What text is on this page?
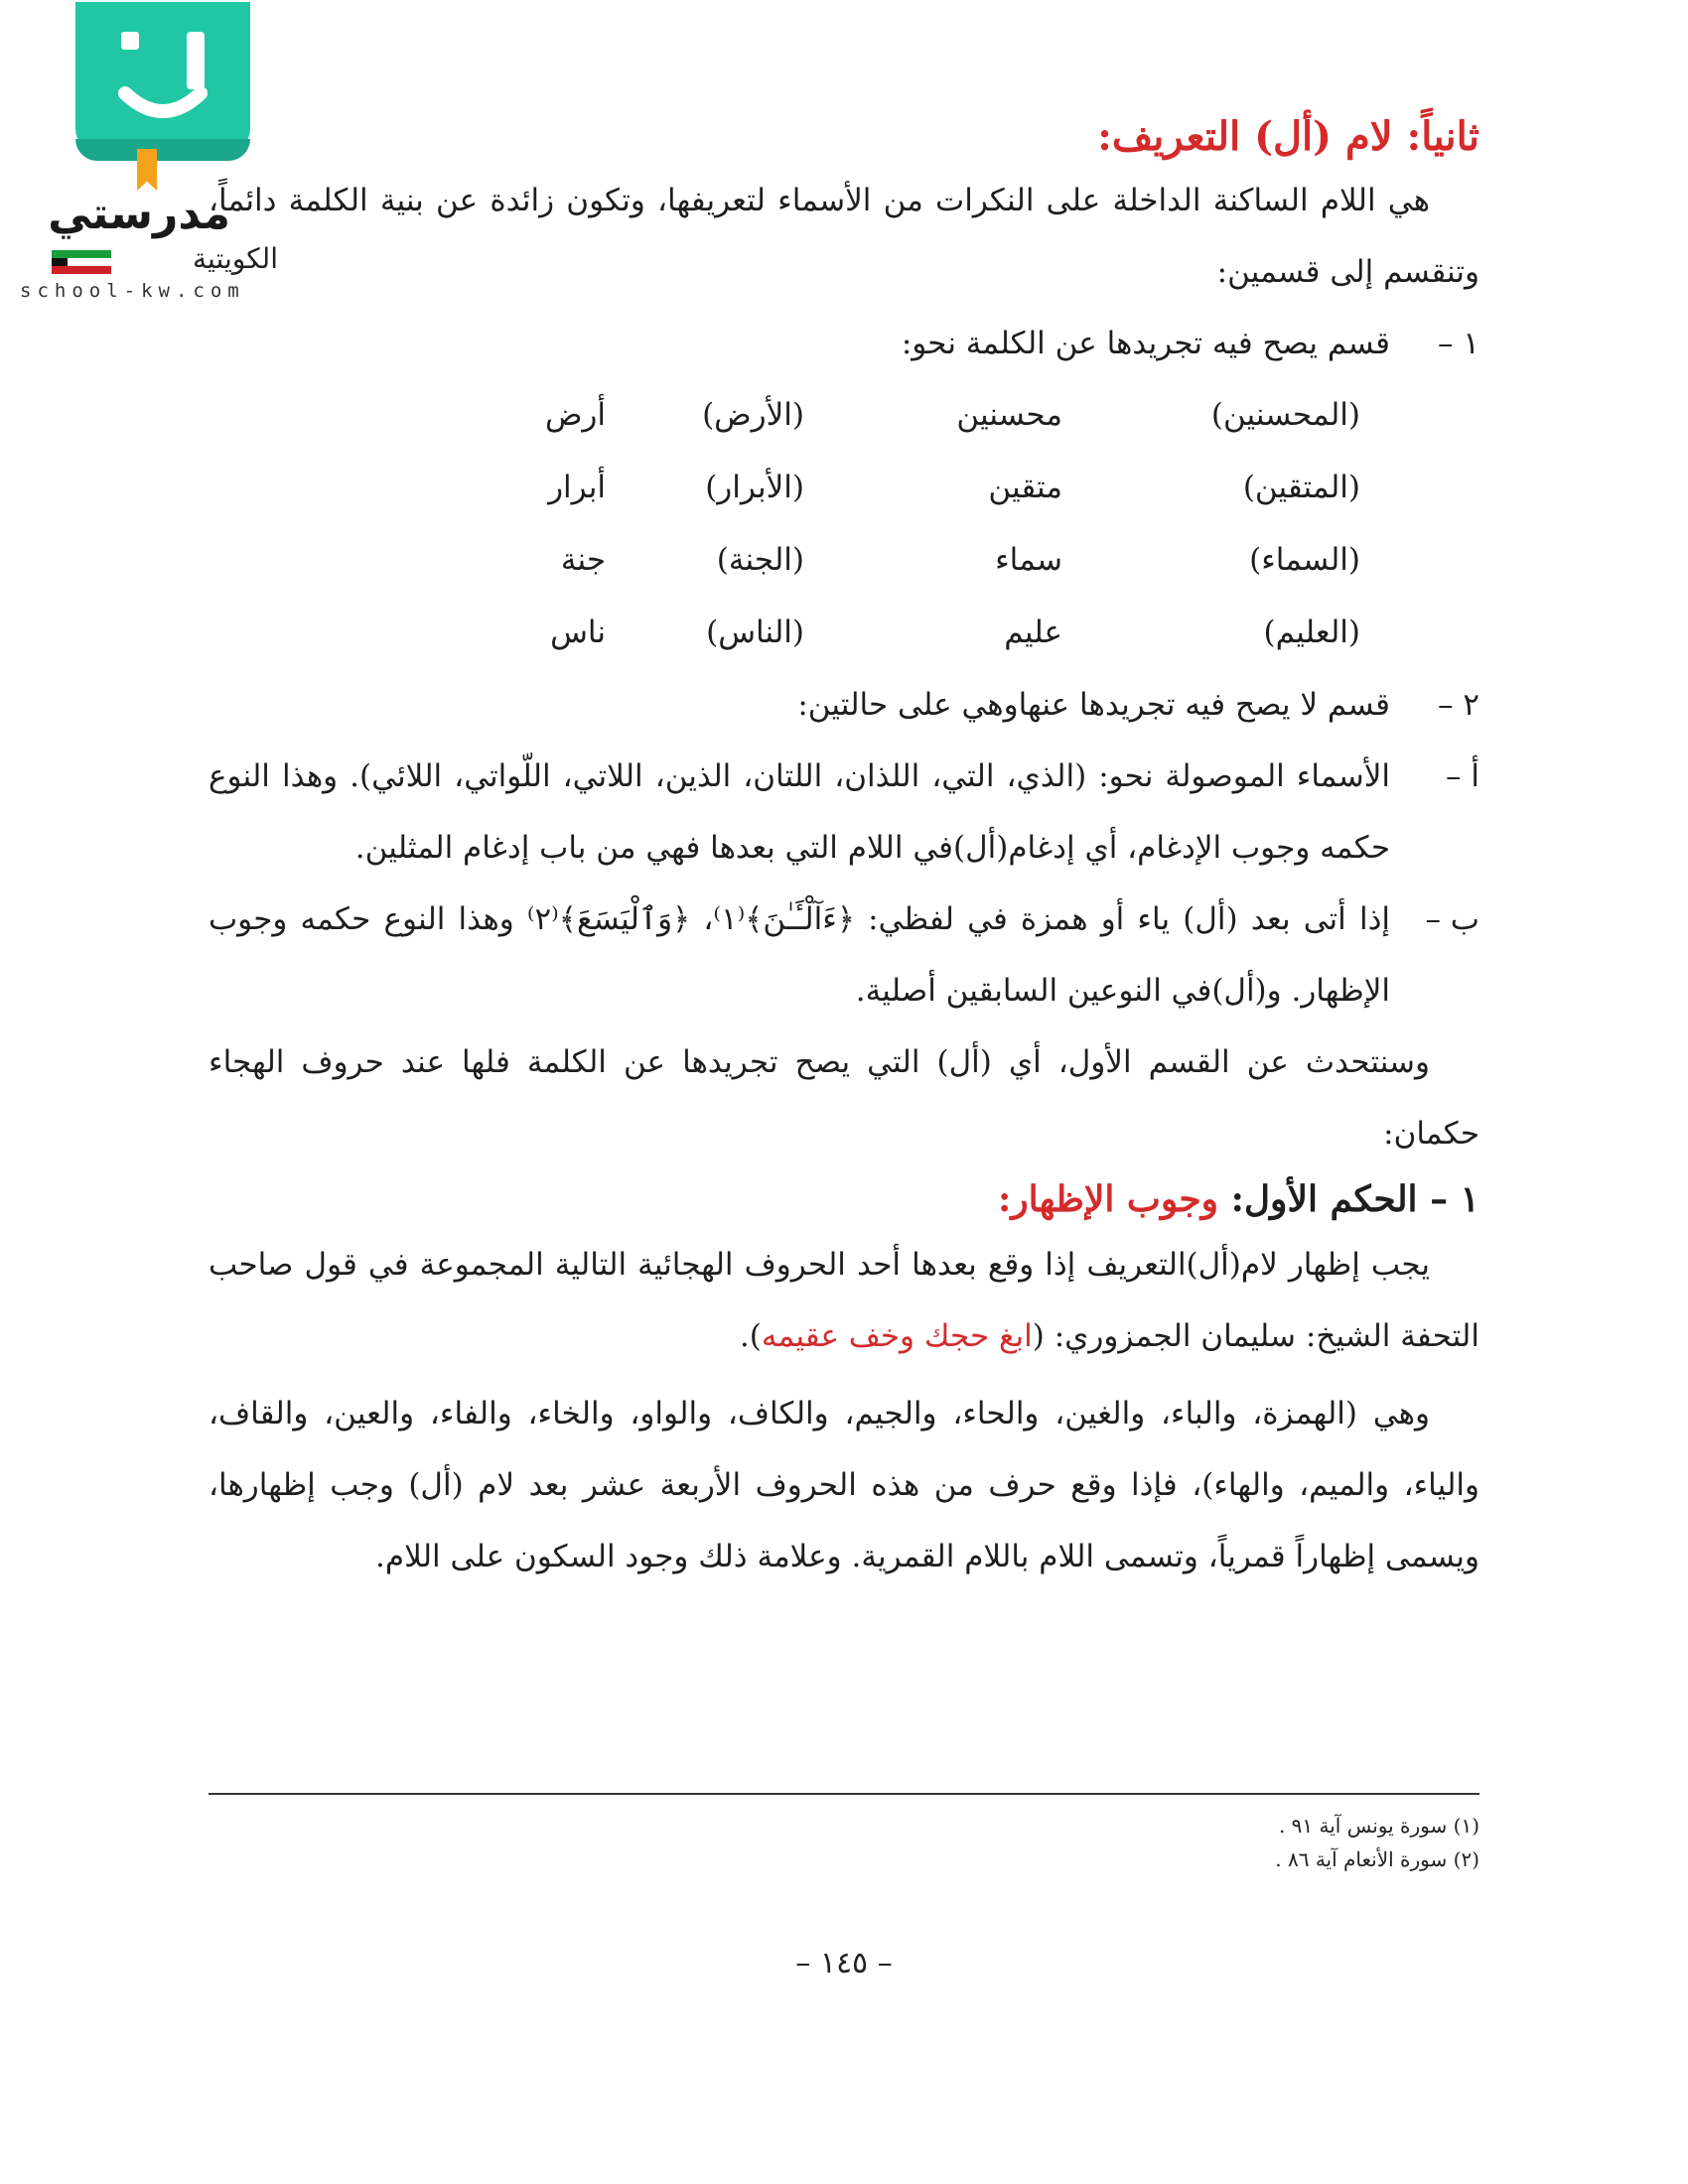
مدرستي
الكويتية
school-kw.com

ثانياً: لام (أل) التعريف:

هي اللام الساكنة الداخلة على النكرات من الأسماء لتعريفها، وتكون زائدة عن بنية الكلمة دائماً، وتنقسم إلى قسمين:

١ –
قسم يصح فيه تجريدها عن الكلمة نحو:
(المحسنين)
محسنين
(الأرض)
أرض
(المتقين)
متقين
(الأبرار)
أبرار
(السماء)
سماء
(الجنة)
جنة
(العليم)
عليم
(الناس)
ناس
٢ –
قسم لا يصح فيه تجريدها عنهاوهي على حالتين:
أ –
الأسماء الموصولة نحو: (الذي، التي، اللذان، اللتان، الذين، اللاتي، اللّواتي، اللائي). وهذا النوع حكمه وجوب الإدغام، أي إدغام(أل)في اللام التي بعدها فهي من باب إدغام المثلين.
ب –
إذا أتى بعد (أل) ياء أو همزة في لفظي: ﴿ءَآلْـَٔـٰنَ﴾⁽١⁾، ﴿وَٱلْيَسَعَ﴾⁽٢⁾ وهذا النوع حكمه وجوب الإظهار. و(أل)في النوعين السابقين أصلية.

وسنتحدث عن القسم الأول، أي (أل) التي يصح تجريدها عن الكلمة فلها عند حروف الهجاء حكمان:

١ – الحكم الأول: وجوب الإظهار:

يجب إظهار لام(أل)التعريف إذا وقع بعدها أحد الحروف الهجائية التالية المجموعة في قول صاحب التحفة الشيخ: سليمان الجمزوري: (ابغ حجك وخف عقيمه).

وهي (الهمزة، والباء، والغين، والحاء، والجيم، والكاف، والواو، والخاء، والفاء، والعين، والقاف، والياء، والميم، والهاء)، فإذا وقع حرف من هذه الحروف الأربعة عشر بعد لام (أل) وجب إظهارها، ويسمى إظهاراً قمرياً، وتسمى اللام باللام القمرية. وعلامة ذلك وجود السكون على اللام.

(١) سورة يونس آية ٩١ .
(٢) سورة الأنعام آية ٨٦ .
– ١٤٥ –
